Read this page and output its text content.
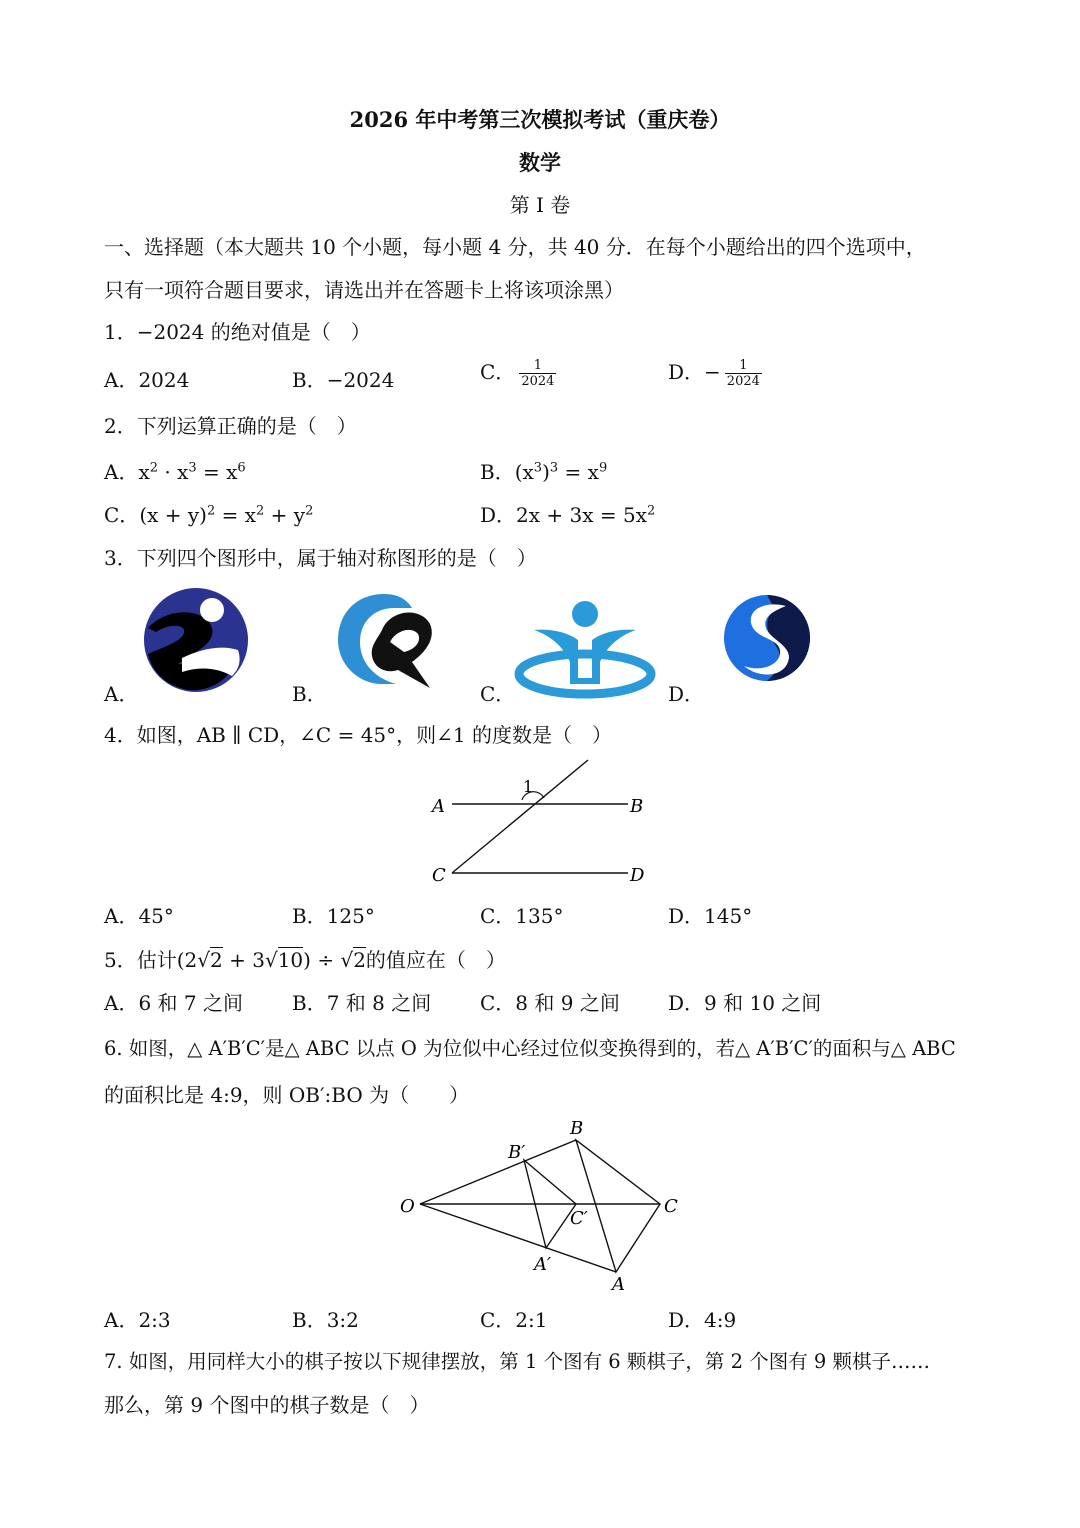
2026 年中考第三次模拟考试（重庆卷）
数学
第 I 卷
一、选择题（本大题共 10 个小题，每小题 4 分，共 40 分．在每个小题给出的四个选项中，
只有一项符合题目要求，请选出并在答题卡上将该项涂黑）
1．−2024 的绝对值是（　）
A．2024	B．−2024	C． $\frac{1}{2024}$	D．− $\frac{1}{2024}$
2．下列运算正确的是（　）
A．$x^2 \cdot x^3 = x^6$	B．$(x^3)^3 = x^9$
C．$(x + y)^2 = x^2 + y^2$	D．$2x + 3x = 5x^2$
3．下列四个图形中，属于轴对称图形的是（　）
A．	B．	C．	D．
4．如图，AB ∥ CD，∠C = 45°，则∠1 的度数是（　）
A	B
C	D
1
A．45°	B．125°	C．135°	D．145°
5．估计(2√2 + 3√10) ÷ √2的值应在（　）
A．6 和 7 之间 B．7 和 8 之间 C．8 和 9 之间 D．9 和 10 之间
6. 如图，△ A′B′C′是△ ABC 以点 O 为位似中心经过位似变换得到的，若△ A′B′C′的面积与△ ABC
的面积比是 4:9，则 OB′:BO 为（　　）
O
B
B′
C
C′
A′
A
A．2:3	B．3:2	C．2:1	D．4:9
7. 如图，用同样大小的棋子按以下规律摆放，第 1 个图有 6 颗棋子，第 2 个图有 9 颗棋子……
那么，第 9 个图中的棋子数是（　）
